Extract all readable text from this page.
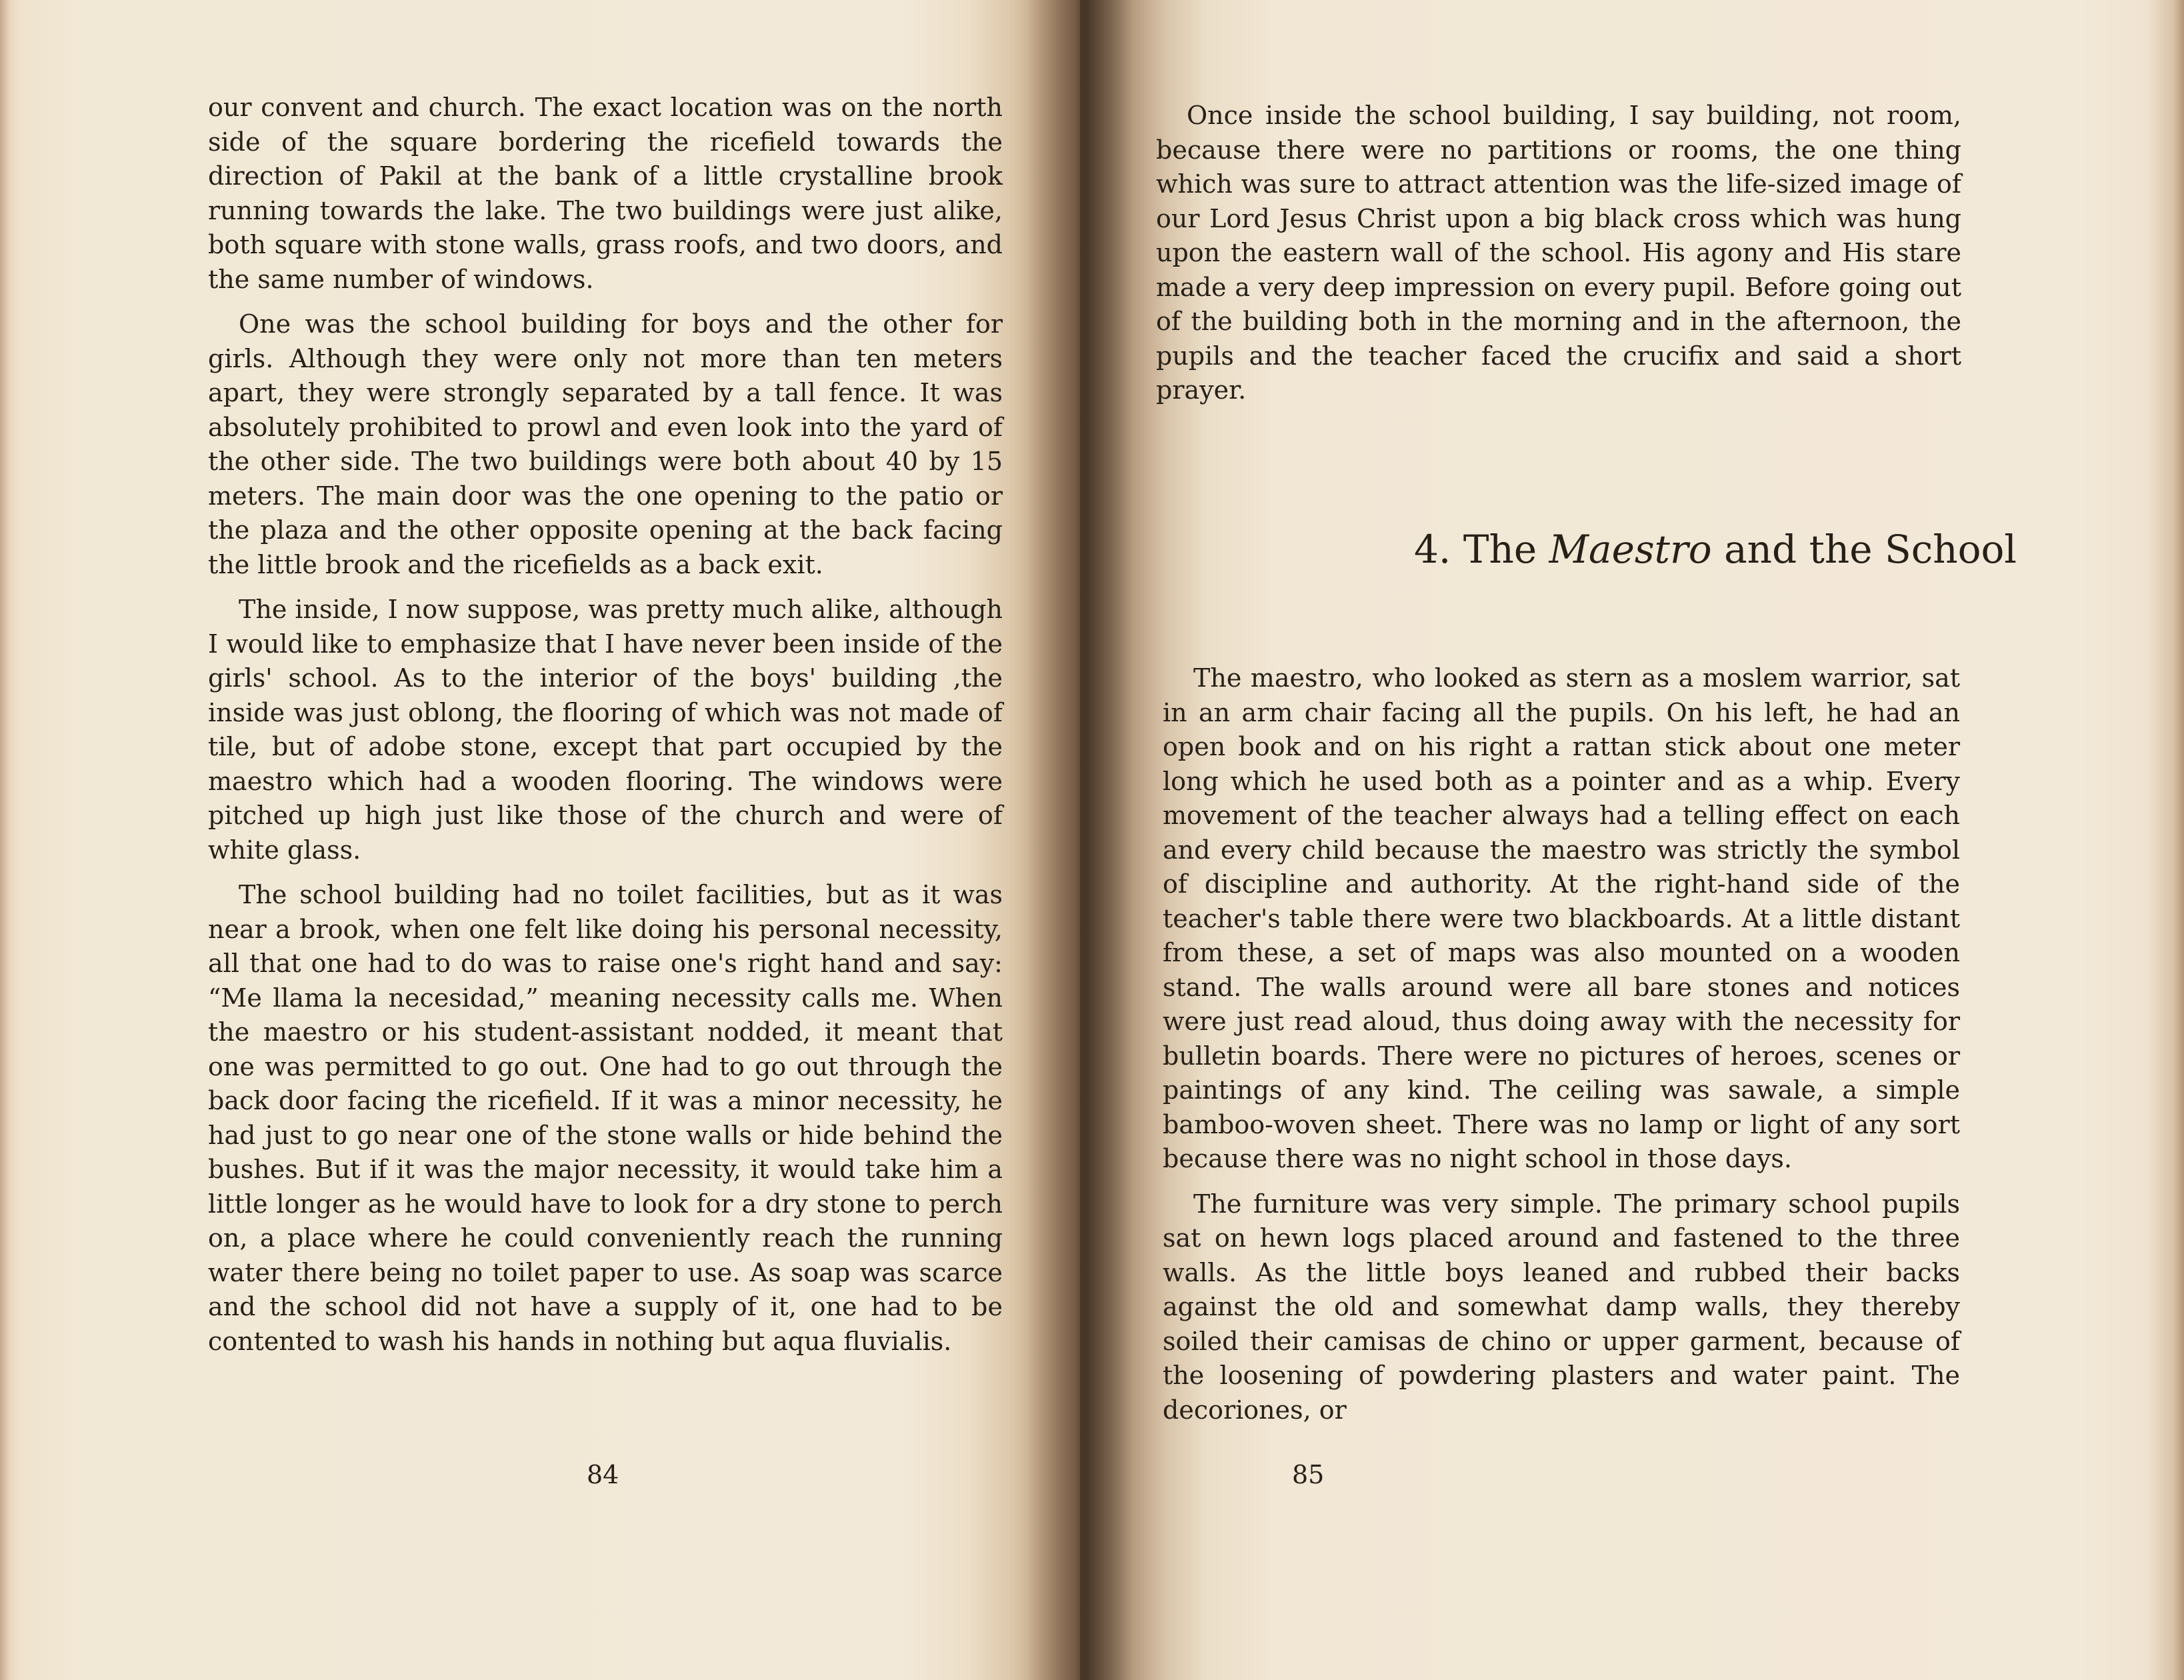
our convent and church. The exact location was on the north side of the square bordering the ricefield towards the direction of Pakil at the bank of a little crystalline brook running towards the lake. The two buildings were just alike, both square with stone walls, grass roofs, and two doors, and the same number of windows.

One was the school building for boys and the other for girls. Although they were only not more than ten meters apart, they were strongly separated by a tall fence. It was absolutely prohibited to prowl and even look into the yard of the other side. The two buildings were both about 40 by 15 meters. The main door was the one opening to the patio or the plaza and the other opposite opening at the back facing the little brook and the ricefields as a back exit.

The inside, I now suppose, was pretty much alike, although I would like to emphasize that I have never been inside of the girls' school. As to the interior of the boys' building ,the inside was just oblong, the flooring of which was not made of tile, but of adobe stone, except that part occupied by the maestro which had a wooden flooring. The windows were pitched up high just like those of the church and were of white glass.

The school building had no toilet facilities, but as it was near a brook, when one felt like doing his personal necessity, all that one had to do was to raise one's right hand and say: “Me llama la necesidad,” meaning necessity calls me. When the maestro or his student-assistant nodded, it meant that one was permitted to go out. One had to go out through the back door facing the ricefield. If it was a minor necessity, he had just to go near one of the stone walls or hide behind the bushes. But if it was the major necessity, it would take him a little longer as he would have to look for a dry stone to perch on, a place where he could conveniently reach the running water there being no toilet paper to use. As soap was scarce and the school did not have a supply of it, one had to be contented to wash his hands in nothing but aqua fluvialis.

84

Once inside the school building, I say building, not room, because there were no partitions or rooms, the one thing which was sure to attract attention was the life-sized image of our Lord Jesus Christ upon a big black cross which was hung upon the eastern wall of the school. His agony and His stare made a very deep impression on every pupil. Before going out of the building both in the morning and in the afternoon, the pupils and the teacher faced the crucifix and said a short prayer.

4. The Maestro and the School

The maestro, who looked as stern as a moslem warrior, sat in an arm chair facing all the pupils. On his left, he had an open book and on his right a rattan stick about one meter long which he used both as a pointer and as a whip. Every movement of the teacher always had a telling effect on each and every child because the maestro was strictly the symbol of discipline and authority. At the right-hand side of the teacher's table there were two blackboards. At a little distant from these, a set of maps was also mounted on a wooden stand. The walls around were all bare stones and notices were just read aloud, thus doing away with the necessity for bulletin boards. There were no pictures of heroes, scenes or paintings of any kind. The ceiling was sawale, a simple bamboo-woven sheet. There was no lamp or light of any sort because there was no night school in those days.

The furniture was very simple. The primary school pupils sat on hewn logs placed around and fastened to the three walls. As the little boys leaned and rubbed their backs against the old and somewhat damp walls, they thereby soiled their camisas de chino or upper garment, because of the loosening of powdering plasters and water paint. The decoriones, or

85
